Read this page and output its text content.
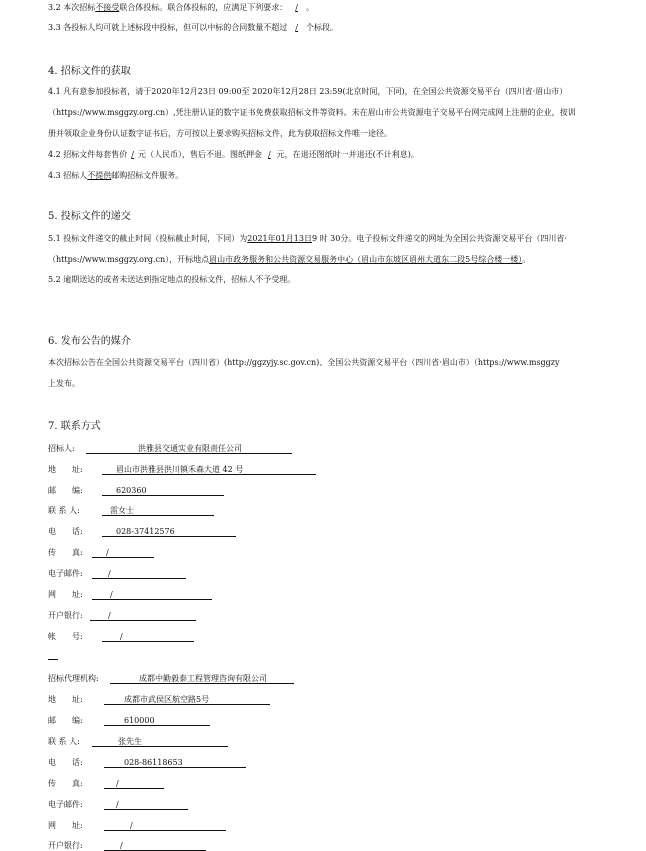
3.2 本次招标不接受联合体投标。联合体投标的，应满足下列要求： / 。
3.3 各投标人均可就上述标段中投标，但可以中标的合同数量不超过 / 个标段。
4. 招标文件的获取
4.1 凡有意参加投标者，请于2020年12月23日 09:00至 2020年12月28日 23:59(北京时间，下同)，在全国公共资源交易平台（四川省·眉山市）
（https://www.msggzy.org.cn）,凭注册认证的数字证书免费获取招标文件等资料。未在眉山市公共资源电子交易平台网完成网上注册的企业，按训
册并领取企业身份认证数字证书后，方可按以上要求购买招标文件，此为获取招标文件唯一途径。
4.2 招标文件每套售价 / 元（人民币），售后不退。图纸押金 / 元，在退还图纸时一并退还(不计利息)。
4.3 招标人不提供邮购招标文件服务。
5. 投标文件的递交
5.1 投标文件递交的截止时间（投标截止时间，下同）为2021年01月13日9 时 30分。电子投标文件递交的网址为全国公共资源交易平台（四川省·
（https://www.msggzy.org.cn），开标地点眉山市政务服务和公共资源交易服务中心（眉山市东坡区眉州大道东二段5号综合楼一楼）。
5.2 逾期送达的或者未送达到指定地点的投标文件，招标人不予受理。
6. 发布公告的媒介
本次招标公告在全国公共资源交易平台（四川省）(http://ggzyjy.sc.gov.cn)、全国公共资源交易平台（四川省·眉山市）（https://www.msggzy
上发布。
7. 联系方式
招标人:	洪雅县交通实业有限责任公司
地　　址:	眉山市洪雅县洪川镇禾森大道 42 号
邮　　编:	620360
联 系 人:	雷女士
电　　话:	028-37412576
传　　真:	/
电子邮件:	/
网　　址:	/
开户银行:	/
帐　　号:	/
招标代理机构:	成都中勤毅泰工程管理咨询有限公司
地　　址:	成都市武侯区航空路5号
邮　　编:	610000
联 系 人:	张先生
电　　话:	028-86118653
传　　真:	/
电子邮件:	/
网　　址:	/
开户银行:	/
